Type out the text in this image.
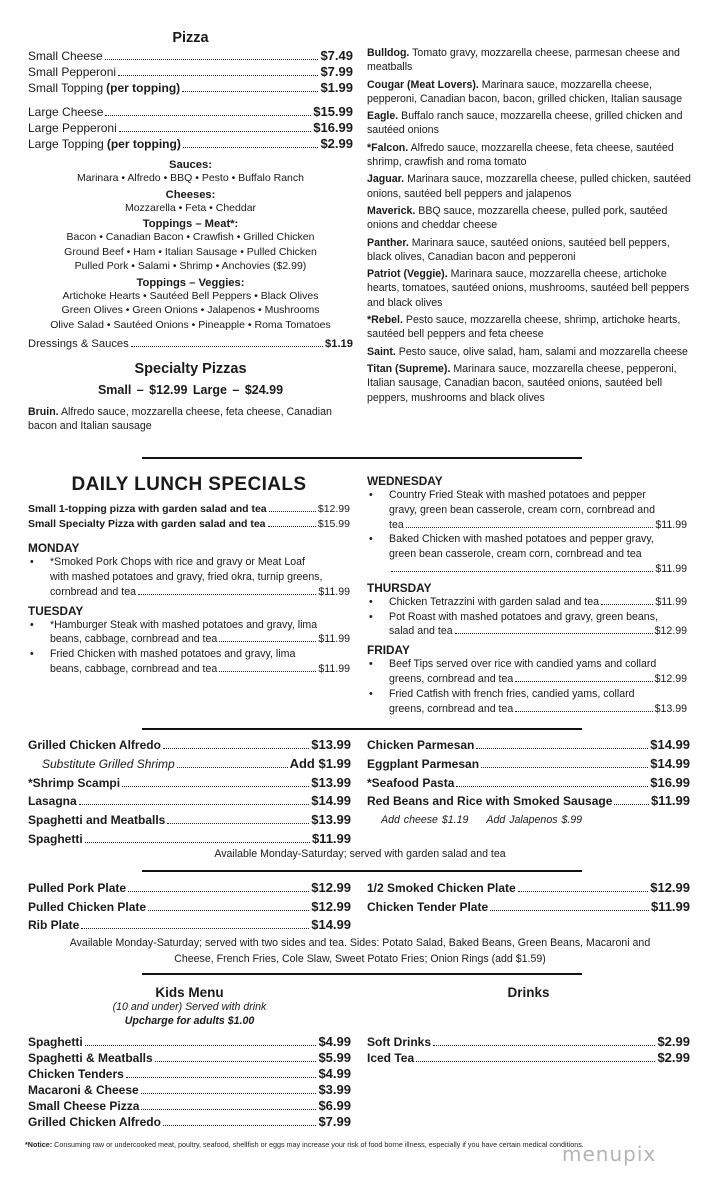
Pizza
Small Cheese	$7.49
Small Pepperoni	$7.99
Small Topping (per topping)	$1.99
Large Cheese	$15.99
Large Pepperoni	$16.99
Large Topping (per topping)	$2.99
Sauces:
Marinara • Alfredo • BBQ • Pesto • Buffalo Ranch
Cheeses:
Mozzarella • Feta • Cheddar
Toppings – Meat*:
Bacon • Canadian Bacon • Crawfish • Grilled Chicken
Ground Beef • Ham • Italian Sausage • Pulled Chicken
Pulled Pork • Salami • Shrimp • Anchovies ($2.99)
Toppings – Veggies:
Artichoke Hearts • Sautéed Bell Peppers • Black Olives
Green Olives • Green Onions • Jalapenos • Mushrooms
Olive Salad • Sautéed Onions • Pineapple • Roma Tomatoes
Dressings & Sauces	$1.19
Specialty Pizzas
Small – $12.99 Large – $24.99
Bruin. Alfredo sauce, mozzarella cheese, feta cheese, Canadian bacon and Italian sausage
Bulldog. Tomato gravy, mozzarella cheese, parmesan cheese and meatballs
Cougar (Meat Lovers). Marinara sauce, mozzarella cheese, pepperoni, Canadian bacon, bacon, grilled chicken, Italian sausage
Eagle. Buffalo ranch sauce, mozzarella cheese, grilled chicken and sautéed onions
*Falcon. Alfredo sauce, mozzarella cheese, feta cheese, sautéed shrimp, crawfish and roma tomato
Jaguar. Marinara sauce, mozzarella cheese, pulled chicken, sautéed onions, sautéed bell peppers and jalapenos
Maverick. BBQ sauce, mozzarella cheese, pulled pork, sautéed onions and cheddar cheese
Panther. Marinara sauce, sautéed onions, sautéed bell peppers, black olives, Canadian bacon and pepperoni
Patriot (Veggie). Marinara sauce, mozzarella cheese, artichoke hearts, tomatoes, sautéed onions, mushrooms, sautéed bell peppers and black olives
*Rebel. Pesto sauce, mozzarella cheese, shrimp, artichoke hearts, sautéed bell peppers and feta cheese
Saint. Pesto sauce, olive salad, ham, salami and mozzarella cheese
Titan (Supreme). Marinara sauce, mozzarella cheese, pepperoni, Italian sausage, Canadian bacon, sautéed onions, sautéed bell peppers, mushrooms and black olives
DAILY LUNCH SPECIALS
Small 1-topping pizza with garden salad and tea	$12.99
Small Specialty Pizza with garden salad and tea	$15.99
MONDAY
• *Smoked Pork Chops with rice and gravy or Meat Loaf
with mashed potatoes and gravy, fried okra, turnip greens,
cornbread and tea	$11.99
TUESDAY
• *Hamburger Steak with mashed potatoes and gravy, lima
beans, cabbage, cornbread and tea	$11.99
• Fried Chicken with mashed potatoes and gravy, lima
beans, cabbage, cornbread and tea	$11.99
WEDNESDAY
• Country Fried Steak with mashed potatoes and pepper
gravy, green bean casserole, cream corn, cornbread and
tea	$11.99
• Baked Chicken with mashed potatoes and pepper gravy,
green bean casserole, cream corn, cornbread and tea
$11.99
THURSDAY
• Chicken Tetrazzini with garden salad and tea	$11.99
• Pot Roast with mashed potatoes and gravy, green beans,
salad and tea	$12.99
FRIDAY
• Beef Tips served over rice with candied yams and collard
greens, cornbread and tea	$12.99
• Fried Catfish with french fries, candied yams, collard
greens, cornbread and tea	$13.99
Grilled Chicken Alfredo	$13.99
Substitute Grilled Shrimp	Add $1.99
*Shrimp Scampi	$13.99
Lasagna	$14.99
Spaghetti and Meatballs	$13.99
Spaghetti	$11.99
Chicken Parmesan	$14.99
Eggplant Parmesan	$14.99
*Seafood Pasta	$16.99
Red Beans and Rice with Smoked Sausage	$11.99
Add cheese $1.19 Add Jalapenos $.99
Available Monday-Saturday; served with garden salad and tea
Pulled Pork Plate	$12.99
Pulled Chicken Plate	$12.99
Rib Plate	$14.99
1/2 Smoked Chicken Plate	$12.99
Chicken Tender Plate	$11.99
Available Monday-Saturday; served with two sides and tea. Sides: Potato Salad, Baked Beans, Green Beans, Macaroni and
Cheese, French Fries, Cole Slaw, Sweet Potato Fries; Onion Rings (add $1.59)
Kids Menu
(10 and under) Served with drink
Upcharge for adults $1.00
Spaghetti	$4.99
Spaghetti & Meatballs	$5.99
Chicken Tenders	$4.99
Macaroni & Cheese	$3.99
Small Cheese Pizza	$6.99
Grilled Chicken Alfredo	$7.99
Drinks
Soft Drinks	$2.99
Iced Tea	$2.99
*Notice: Consuming raw or undercooked meat, poultry, seafood, shellfish or eggs may increase your risk of food borne illness, especially if you have certain medical conditions.
menupix
